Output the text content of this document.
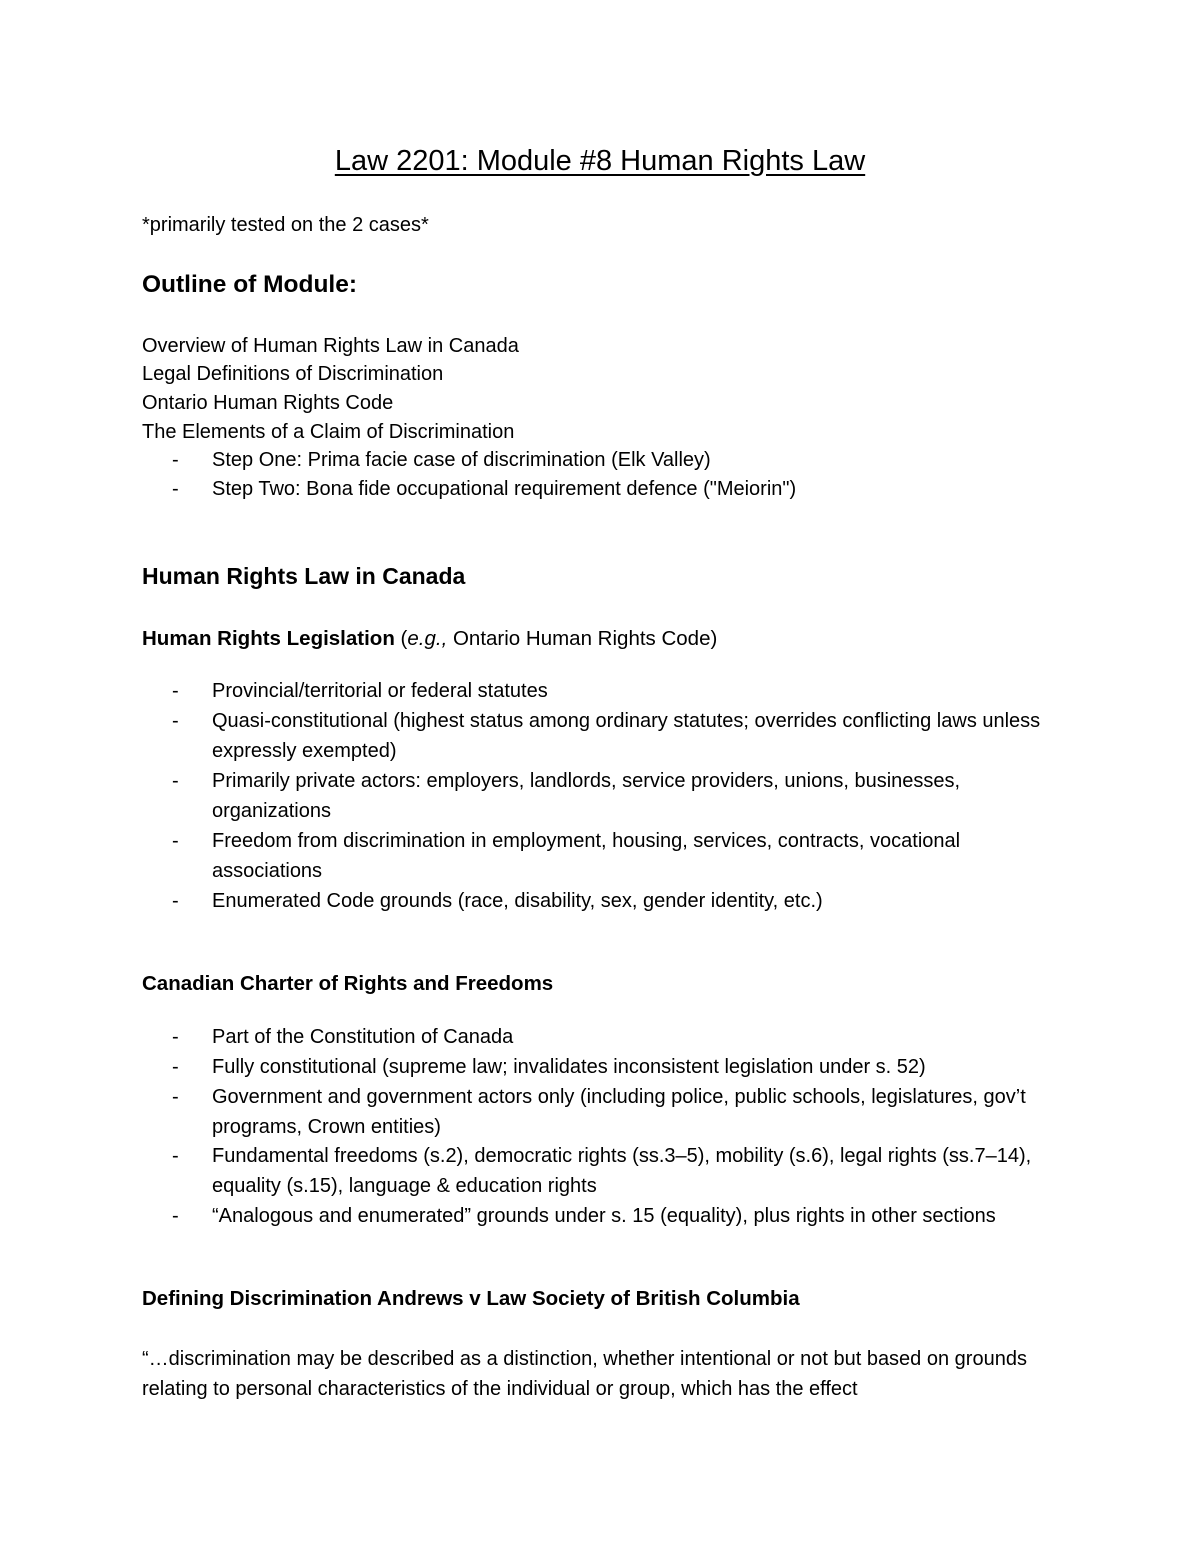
Law 2201: Module #8 Human Rights Law
*primarily tested on the 2 cases*
Outline of Module:
Overview of Human Rights Law in Canada
Legal Definitions of Discrimination
Ontario Human Rights Code
The Elements of a Claim of Discrimination
- Step One: Prima facie case of discrimination (Elk Valley)
- Step Two: Bona fide occupational requirement defence ("Meiorin")
Human Rights Law in Canada
Human Rights Legislation (e.g., Ontario Human Rights Code)
- Provincial/territorial or federal statutes
- Quasi-constitutional (highest status among ordinary statutes; overrides conflicting laws unless expressly exempted)
- Primarily private actors: employers, landlords, service providers, unions, businesses, organizations
- Freedom from discrimination in employment, housing, services, contracts, vocational associations
- Enumerated Code grounds (race, disability, sex, gender identity, etc.)
Canadian Charter of Rights and Freedoms
- Part of the Constitution of Canada
- Fully constitutional (supreme law; invalidates inconsistent legislation under s. 52)
- Government and government actors only (including police, public schools, legislatures, gov’t programs, Crown entities)
- Fundamental freedoms (s.2), democratic rights (ss.3–5), mobility (s.6), legal rights (ss.7–14), equality (s.15), language & education rights
- “Analogous and enumerated” grounds under s. 15 (equality), plus rights in other sections
Defining Discrimination Andrews v Law Society of British Columbia
“…discrimination may be described as a distinction, whether intentional or not but based on grounds relating to personal characteristics of the individual or group, which has the effect
